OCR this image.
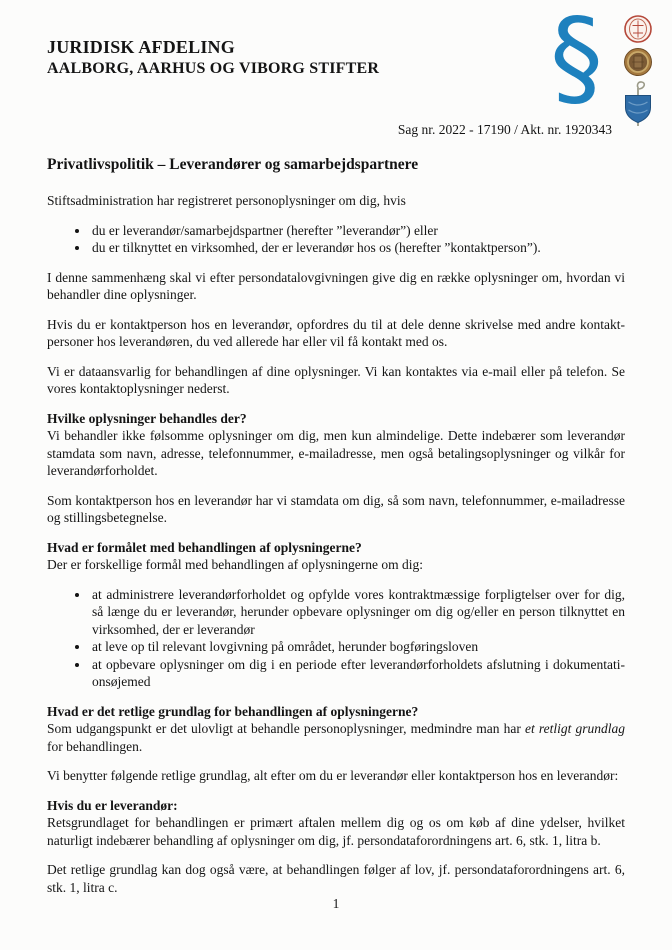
JURIDISK AFDELING
AALBORG, AARHUS OG VIBORG STIFTER §
Sag nr. 2022 - 17190 / Akt. nr. 1920343
Privatlivspolitik – Leverandører og samarbejdspartnere

Stiftsadministration har registreret personoplysninger om dig, hvis

• du er leverandør/samarbejdspartner (herefter ”leverandør”) eller
• du er tilknyttet en virksomhed, der er leverandør hos os (herefter ”kontaktperson”).

I denne sammenhæng skal vi efter persondatalovgivningen give dig en række oplysninger om, hvordan vi behandler dine oplysninger.

Hvis du er kontaktperson hos en leverandør, opfordres du til at dele denne skrivelse med andre kontaktpersoner hos leverandøren, du ved allerede har eller vil få kontakt med os.

Vi er dataansvarlig for behandlingen af dine oplysninger. Vi kan kontaktes via e-mail eller på telefon. Se vores kontaktoplysninger nederst.

Hvilke oplysninger behandles der?

Vi behandler ikke følsomme oplysninger om dig, men kun almindelige. Dette indebærer som leverandør stamdata som navn, adresse, telefonnummer, e-mailadresse, men også betalingsoplysninger og vilkår for leverandørforholdet.

Som kontaktperson hos en leverandør har vi stamdata om dig, så som navn, telefonnummer, e-mailadresse og stillingsbetegnelse.

Hvad er formålet med behandlingen af oplysningerne?

Der er forskellige formål med behandlingen af oplysningerne om dig:

• at administrere leverandørforholdet og opfylde vores kontraktmæssige forpligtelser over for dig, så længe du er leverandør, herunder opbevare oplysninger om dig og/eller en person tilknyttet en virksomhed, der er leverandør
• at leve op til relevant lovgivning på området, herunder bogføringsloven
• at opbevare oplysninger om dig i en periode efter leverandørforholdets afslutning i dokumentationsøjemed
Hvad er det retlige grundlag for behandlingen af oplysningerne?

Som udgangspunkt er det ulovligt at behandle personoplysninger, medmindre man har et retligt grundlag for behandlingen.

Vi benytter følgende retlige grundlag, alt efter om du er leverandør eller kontaktperson hos en leverandør:

Hvis du er leverandør:

Retsgrundlaget for behandlingen er primært aftalen mellem dig og os om køb af dine ydelser, hvilket naturligt indebærer behandling af oplysninger om dig, jf. persondataforordningens art. 6, stk. 1, litra b.

Det retlige grundlag kan dog også være, at behandlingen følger af lov, jf. persondataforordningens art. 6, stk. 1, litra c.

1
